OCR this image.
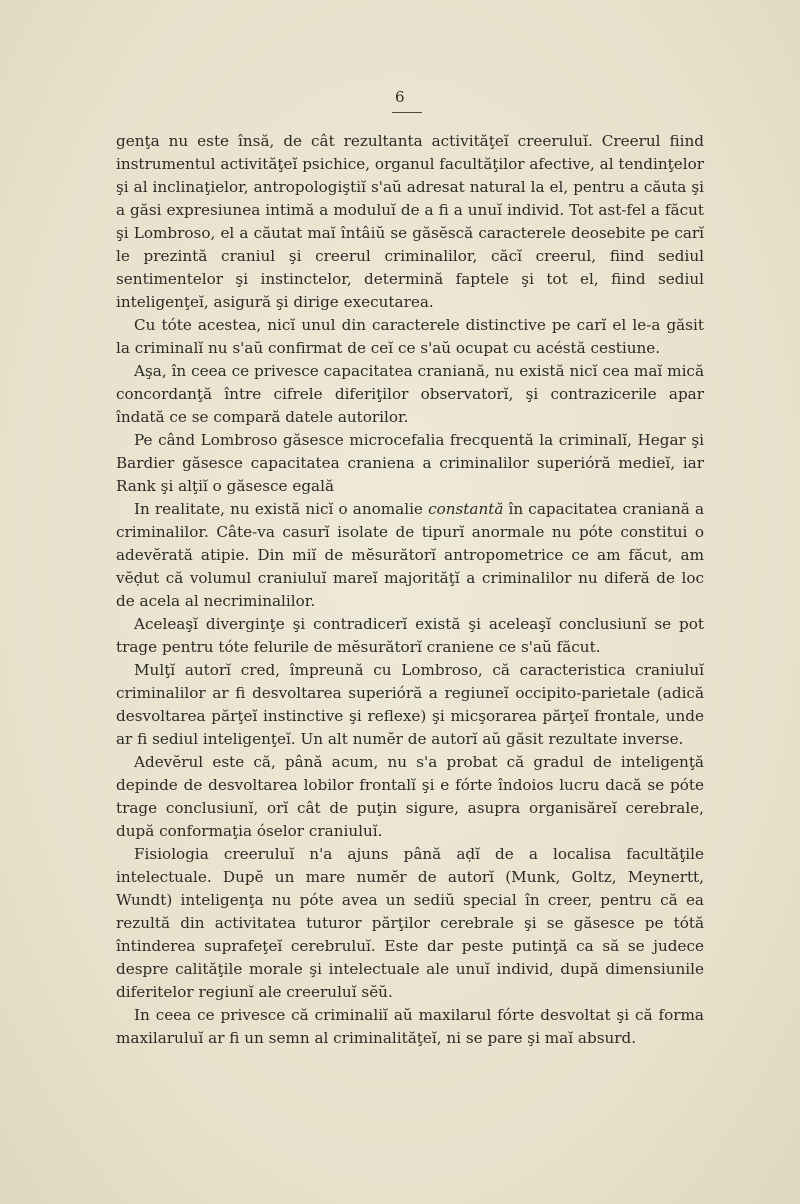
6

genţa nu este însă, de cât rezultanta activităţeĭ creeruluĭ. Creerul fiind instrumentul activităţeĭ psichice, organul facultăţilor afective, al tendinţelor şi al inclinaţielor, antropologiştiĭ s'aŭ adresat natural la el, pentru a căuta şi a găsi expresiunea intimă a moduluĭ de a fi a unuĭ individ. Tot ast-fel a făcut şi Lombroso, el a căutat maĭ întâiŭ se găsĕscă caracterele deosebite pe carĭ le prezintă craniul şi creerul criminalilor, căcĭ creerul, fiind sediul sentimentelor şi instinctelor, determină faptele şi tot el, fiind sediul inteligenţeĭ, asigură şi dirige executarea.

Cu tóte acestea, nicĭ unul din caracterele distinctive pe carĭ el le-a găsit la criminalĭ nu s'aŭ confirmat de ceĭ ce s'aŭ ocupat cu acéstă cestiune.

Aşa, în ceea ce privesce capacitatea craniană, nu există nicĭ cea maĭ mică concordanţă între cifrele diferiţilor observatorĭ, şi contrazicerile apar îndată ce se compară datele autorilor.

Pe când Lombroso găsesce microcefalia frecquentă la criminalĭ, Hegar şi Bardier găsesce capacitatea craniena a criminalilor superióră medieĭ, iar Rank şi alţiĭ o găsesce egală

In realitate, nu există nicĭ o anomalie constantă în capacitatea craniană a criminalilor. Câte-va casurĭ isolate de tipurĭ anormale nu póte constitui o adevĕrată atipie. Din miĭ de mĕsurătorĭ antropometrice ce am făcut, am vĕḍut că volumul craniuluĭ mareĭ majorităţĭ a criminalilor nu diferă de loc de acela al necriminalilor.

Aceleaşĭ diverginţe şi contradicerĭ există şi aceleaşĭ conclusiunĭ se pot trage pentru tóte felurile de mĕsurătorĭ craniene ce s'aŭ făcut.

Mulţĭ autorĭ cred, împreună cu Lombroso, că caracteristica craniuluĭ criminalilor ar fi desvoltarea superióră a regiuneĭ occipito-parietale (adică desvoltarea părţeĭ instinctive şi reflexe) şi micşorarea părţeĭ frontale, unde ar fi sediul inteligenţeĭ. Un alt numĕr de autorĭ aŭ găsit rezultate inverse.

Adevĕrul este că, până acum, nu s'a probat că gradul de inteligenţă depinde de desvoltarea lobilor frontalĭ şi e fórte îndoios lucru dacă se póte trage conclusiunĭ, orĭ cât de puţin sigure, asupra organisăreĭ cerebrale, după conformaţia óselor craniuluĭ.

Fisiologia creeruluĭ n'a ajuns până aḍĭ de a localisa facultăţile intelectuale. Dupĕ un mare numĕr de autorĭ (Munk, Goltz, Meynertt, Wundt) inteligenţa nu póte avea un sediŭ special în creer, pentru că ea rezultă din activitatea tuturor părţilor cerebrale şi se găsesce pe tótă întinderea suprafeţeĭ cerebruluĭ. Este dar peste putinţă ca să se judece despre calităţile morale şi intelectuale ale unuĭ individ, după dimensiunile diferitelor regiunĭ ale creeruluĭ sĕŭ.

In ceea ce privesce că criminaliĭ aŭ maxilarul fórte desvoltat şi că forma maxilaruluĭ ar fi un semn al criminalităţeĭ, ni se pare şi maĭ absurd.
